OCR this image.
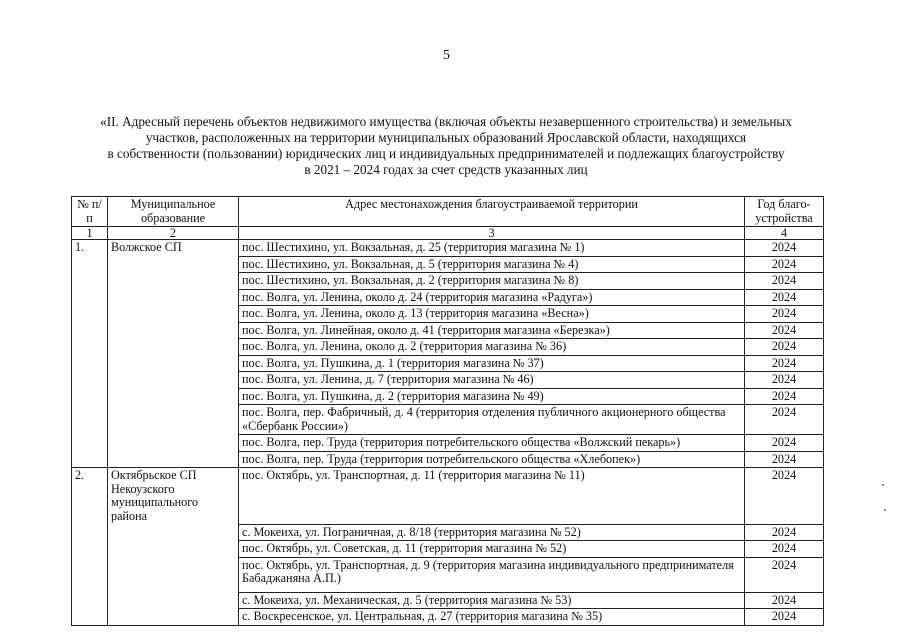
5
«II. Адресный перечень объектов недвижимого имущества (включая объекты незавершенного строительства) и земельных
участков, расположенных на территории муниципальных образований Ярославской области, находящихся
в собственности (пользовании) юридических лиц и индивидуальных предпринимателей и подлежащих благоустройству
в 2021 – 2024 годах за счет средств указанных лиц
№ п/п	Муниципальное образование	Адрес местонахождения благоустраиваемой территории	Год благо-устройства
1	2	3	4
1.	Волжское СП	пос. Шестихино, ул. Вокзальная, д. 25 (территория магазина № 1)	2024
		пос. Шестихино, ул. Вокзальная, д. 5 (территория магазина № 4)	2024
		пос. Шестихино, ул. Вокзальная, д. 2 (территория магазина № 8)	2024
		пос. Волга, ул. Ленина, около д. 24 (территория магазина «Радуга»)	2024
		пос. Волга, ул. Ленина, около д. 13 (территория магазина «Весна»)	2024
		пос. Волга, ул. Линейная, около д. 41 (территория магазина «Березка»)	2024
		пос. Волга, ул. Ленина, около д. 2 (территория магазина № 36)	2024
		пос. Волга, ул. Пушкина, д. 1 (территория магазина № 37)	2024
		пос. Волга, ул. Ленина, д. 7 (территория магазина № 46)	2024
		пос. Волга, ул. Пушкина, д. 2 (территория магазина № 49)	2024
		пос. Волга, пер. Фабричный, д. 4 (территория отделения публичного акционерного общества «Сбербанк России»)	2024
		пос. Волга, пер. Труда (территория потребительского общества «Волжский пекарь»)	2024
		пос. Волга, пер. Труда (территория потребительского общества «Хлебопек»)	2024
2.	Октябрьское СП Некоузского муниципального района	пос. Октябрь, ул. Транспортная, д. 11 (территория магазина № 11)	2024
		с. Мокеиха, ул. Пограничная, д. 8/18 (территория магазина № 52)	2024
		пос. Октябрь, ул. Советская, д. 11 (территория магазина № 52)	2024
		пос. Октябрь, ул. Транспортная, д. 9 (территория магазина индивидуального предпринимателя Бабаджаняна А.П.)	2024
		с. Мокеиха, ул. Механическая, д. 5 (территория магазина № 53)	2024
		с. Воскресенское, ул. Центральная, д. 27 (территория магазина № 35)	2024
